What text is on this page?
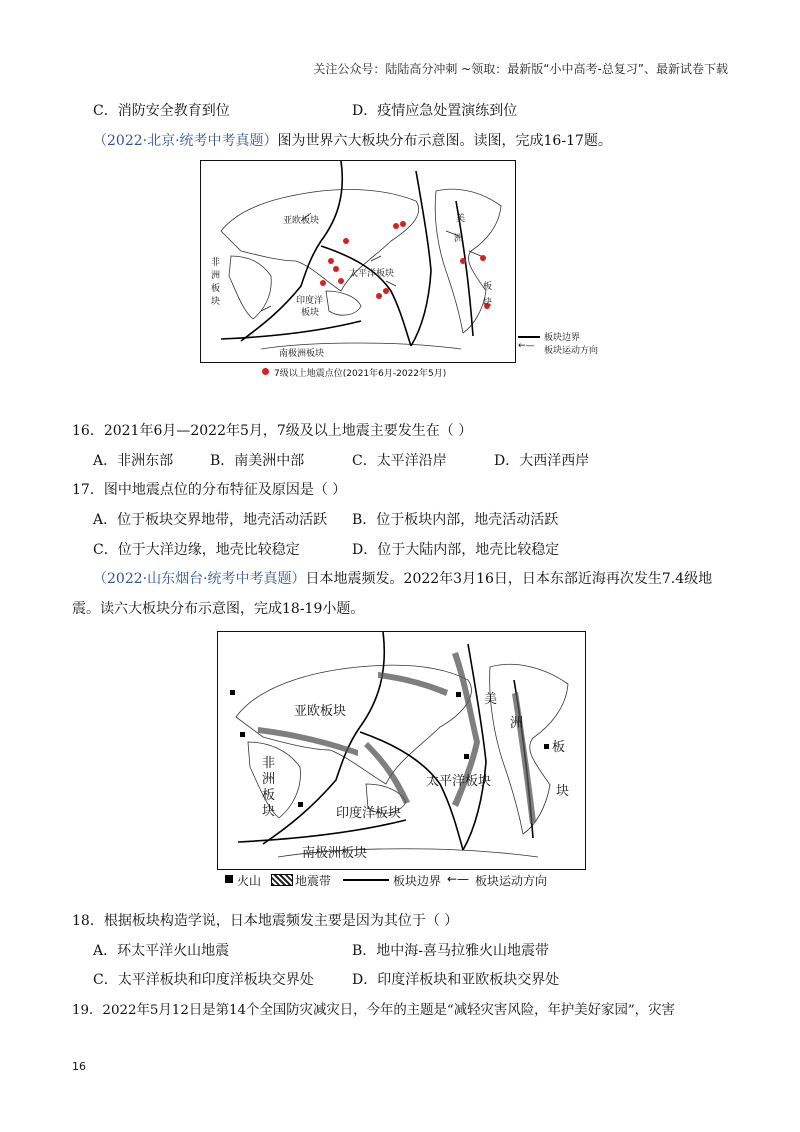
关注公众号：陆陆高分冲刺 ~领取：最新版“小中高考-总复习”、最新试卷下载
C．消防安全教育到位	D．疫情应急处置演练到位
（2022·北京·统考中考真题）图为世界六大板块分布示意图。读图，完成16-17题。
亚欧板块
非
洲
板
块	印度洋
板块
太平洋板块
美
洲
板
块
南极洲板块
板块边界
←— 板块运动方向
7级以上地震点位(2021年6月-2022年5月)
16．2021年6月—2022年5月，7级及以上地震主要发生在（ ）
A．非洲东部	B．南美洲中部	C．太平洋沿岸	D．大西洋西岸
17．图中地震点位的分布特征及原因是（ ）
A．位于板块交界地带，地壳活动活跃 B．位于板块内部，地壳活动活跃
C．位于大洋边缘，地壳比较稳定	D．位于大陆内部，地壳比较稳定
（2022·山东烟台·统考中考真题）日本地震频发。2022年3月16日，日本东部近海再次发生7.4级地
震。读六大板块分布示意图，完成18-19小题。
亚欧板块
非
洲
板
块	印度洋板块
太平洋板块
美
洲
板
块
南极洲板块
火山	地震带	板块边界 ←— 板块运动方向
18．根据板块构造学说，日本地震频发主要是因为其位于（ ）
A．环太平洋火山地震	B．地中海-喜马拉雅火山地震带
C．太平洋板块和印度洋板块交界处	D．印度洋板块和亚欧板块交界处
19．2022年5月12日是第14个全国防灾减灾日，今年的主题是“减轻灾害风险，年护美好家园”，灾害
16
